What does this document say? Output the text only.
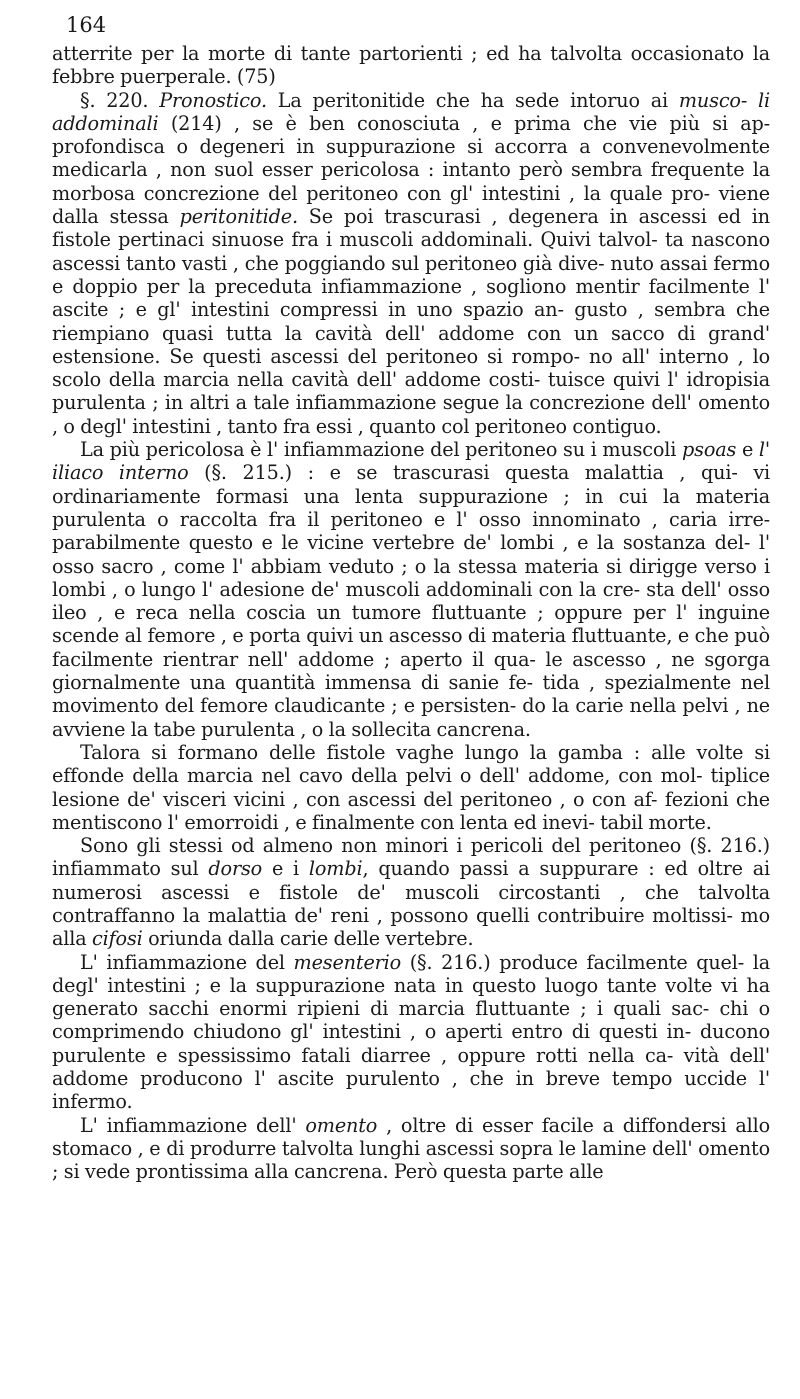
164

atterrite per la morte di tante partorienti ; ed ha talvolta occasionato la febbre puerperale. (75)

§. 220. Pronostico. La peritonitide che ha sede intoruo ai musco- li addominali (214) , se è ben conosciuta , e prima che vie più si ap- profondisca o degeneri in suppurazione si accorra a convenevolmente medicarla , non suol esser pericolosa : intanto però sembra frequente la morbosa concrezione del peritoneo con gl' intestini , la quale pro- viene dalla stessa peritonitide. Se poi trascurasi , degenera in ascessi ed in fistole pertinaci sinuose fra i muscoli addominali. Quivi talvol- ta nascono ascessi tanto vasti , che poggiando sul peritoneo già dive- nuto assai fermo e doppio per la preceduta infiammazione , sogliono mentir facilmente l' ascite ; e gl' intestini compressi in uno spazio an- gusto , sembra che riempiano quasi tutta la cavità dell' addome con un sacco di grand' estensione. Se questi ascessi del peritoneo si rompo- no all' interno , lo scolo della marcia nella cavità dell' addome costi- tuisce quivi l' idropisia purulenta ; in altri a tale infiammazione segue la concrezione dell' omento , o degl' intestini , tanto fra essi , quanto col peritoneo contiguo.

La più pericolosa è l' infiammazione del peritoneo su i muscoli psoas e l' iliaco interno (§. 215.) : e se trascurasi questa malattia , qui- vi ordinariamente formasi una lenta suppurazione ; in cui la materia purulenta o raccolta fra il peritoneo e l' osso innominato , caria irre- parabilmente questo e le vicine vertebre de' lombi , e la sostanza del- l' osso sacro , come l' abbiam veduto ; o la stessa materia si dirigge verso i lombi , o lungo l' adesione de' muscoli addominali con la cre- sta dell' osso ileo , e reca nella coscia un tumore fluttuante ; oppure per l' inguine scende al femore , e porta quivi un ascesso di materia fluttuante, e che può facilmente rientrar nell' addome ; aperto il qua- le ascesso , ne sgorga giornalmente una quantità immensa di sanie fe- tida , spezialmente nel movimento del femore claudicante ; e persisten- do la carie nella pelvi , ne avviene la tabe purulenta , o la sollecita cancrena.

Talora si formano delle fistole vaghe lungo la gamba : alle volte si effonde della marcia nel cavo della pelvi o dell' addome, con mol- tiplice lesione de' visceri vicini , con ascessi del peritoneo , o con af- fezioni che mentiscono l' emorroidi , e finalmente con lenta ed inevi- tabil morte.

Sono gli stessi od almeno non minori i pericoli del peritoneo (§. 216.) infiammato sul dorso e i lombi, quando passi a suppurare : ed oltre ai numerosi ascessi e fistole de' muscoli circostanti , che talvolta contraffanno la malattia de' reni , possono quelli contribuire moltissi- mo alla cifosi oriunda dalla carie delle vertebre.

L' infiammazione del mesenterio (§. 216.) produce facilmente quel- la degl' intestini ; e la suppurazione nata in questo luogo tante volte vi ha generato sacchi enormi ripieni di marcia fluttuante ; i quali sac- chi o comprimendo chiudono gl' intestini , o aperti entro di questi in- ducono purulente e spessissimo fatali diarree , oppure rotti nella ca- vità dell' addome producono l' ascite purulento , che in breve tempo uccide l' infermo.

L' infiammazione dell' omento , oltre di esser facile a diffondersi allo stomaco , e di produrre talvolta lunghi ascessi sopra le lamine dell' omento ; si vede prontissima alla cancrena. Però questa parte alle
